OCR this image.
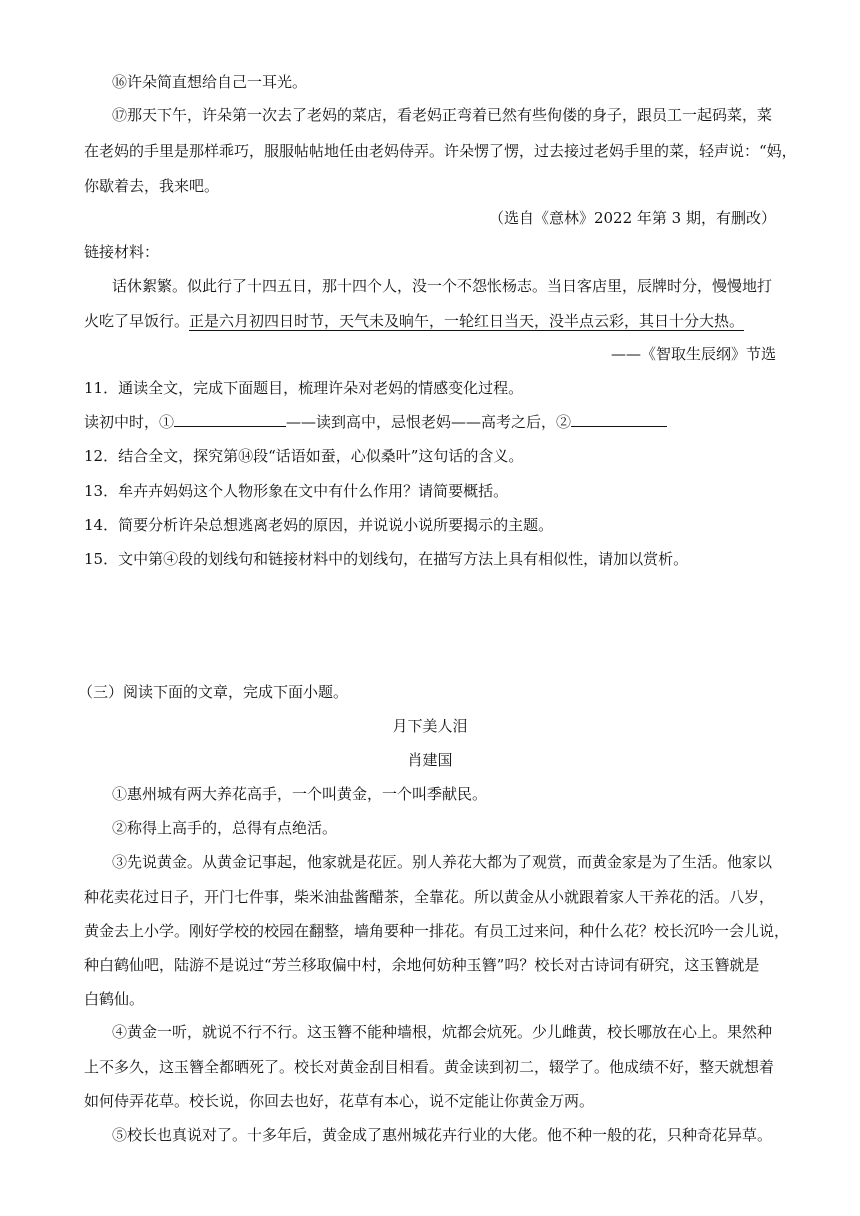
⑯许朵简直想给自己一耳光。

⑰那天下午，许朵第一次去了老妈的菜店，看老妈正弯着已然有些佝偻的身子，跟员工一起码菜，菜

在老妈的手里是那样乖巧，服服帖帖地任由老妈侍弄。许朵愣了愣，过去接过老妈手里的菜，轻声说：“妈，

你歇着去，我来吧。

（选自《意林》2022 年第 3 期，有删改）

链接材料：

话休絮繁。似此行了十四五日，那十四个人，没一个不怨怅杨志。当日客店里，辰牌时分，慢慢地打

火吃了早饭行。正是六月初四日时节，天气未及晌午，一轮红日当天，没半点云彩，其日十分大热。

——《智取生辰纲》节选

11．通读全文，完成下面题目，梳理许朵对老妈的情感变化过程。

读初中时，①	——读到高中，忌恨老妈——高考之后，②

12．结合全文，探究第⑭段“话语如蚕，心似桑叶”这句话的含义。

13．牟卉卉妈妈这个人物形象在文中有什么作用？请简要概括。

14．简要分析许朵总想逃离老妈的原因，并说说小说所要揭示的主题。

15．文中第④段的划线句和链接材料中的划线句，在描写方法上具有相似性，请加以赏析。

（三）阅读下面的文章，完成下面小题。

月下美人泪

肖建国

①惠州城有两大养花高手，一个叫黄金，一个叫季献民。

②称得上高手的，总得有点绝活。

③先说黄金。从黄金记事起，他家就是花匠。别人养花大都为了观赏，而黄金家是为了生活。他家以

种花卖花过日子，开门七件事，柴米油盐酱醋茶，全靠花。所以黄金从小就跟着家人干养花的活。八岁，

黄金去上小学。刚好学校的校园在翻整，墙角要种一排花。有员工过来问，种什么花？校长沉吟一会儿说，

种白鹤仙吧，陆游不是说过“芳兰移取偏中村，余地何妨种玉簪”吗？校长对古诗词有研究，这玉簪就是

白鹤仙。

④黄金一听，就说不行不行。这玉簪不能种墙根，炕都会炕死。少儿雌黄，校长哪放在心上。果然种

上不多久，这玉簪全都晒死了。校长对黄金刮目相看。黄金读到初二，辍学了。他成绩不好，整天就想着

如何侍弄花草。校长说，你回去也好，花草有本心，说不定能让你黄金万两。

⑤校长也真说对了。十多年后，黄金成了惠州城花卉行业的大佬。他不种一般的花，只种奇花异草。
